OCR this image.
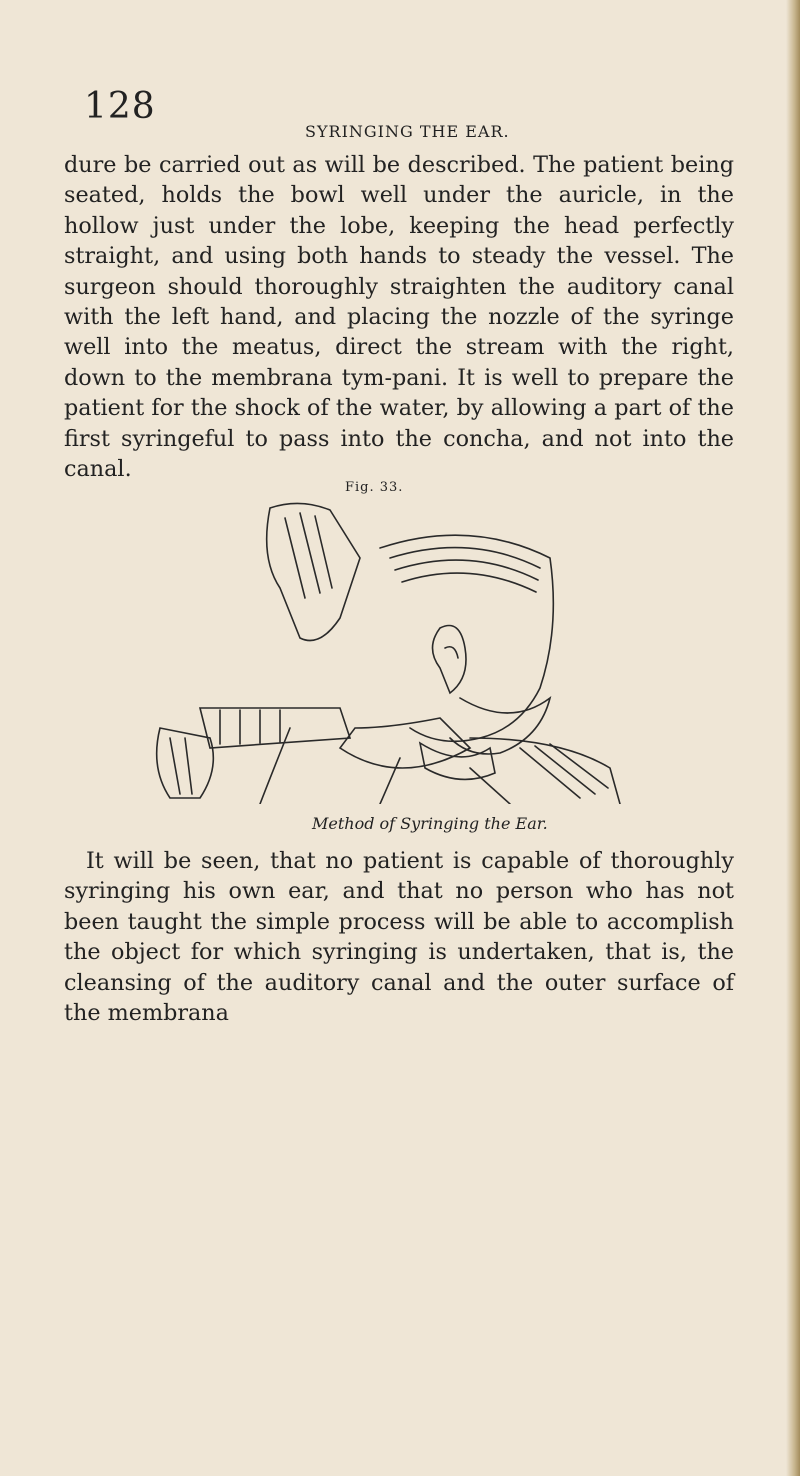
128
SYRINGING THE EAR.

dure be carried out as will be described. The patient being seated, holds the bowl well under the auricle, in the hollow just under the lobe, keeping the head perfectly straight, and using both hands to steady the vessel. The surgeon should thoroughly straighten the auditory canal with the left hand, and placing the nozzle of the syringe well into the meatus, direct the stream with the right, down to the membrana tym-pani. It is well to prepare the patient for the shock of the water, by allowing a part of the first syringeful to pass into the concha, and not into the canal.

Fig. 33.
Method of Syringing the Ear.

It will be seen, that no patient is capable of thoroughly syringing his own ear, and that no person who has not been taught the simple process will be able to accomplish the object for which syringing is undertaken, that is, the cleansing of the auditory canal and the outer surface of the membrana
